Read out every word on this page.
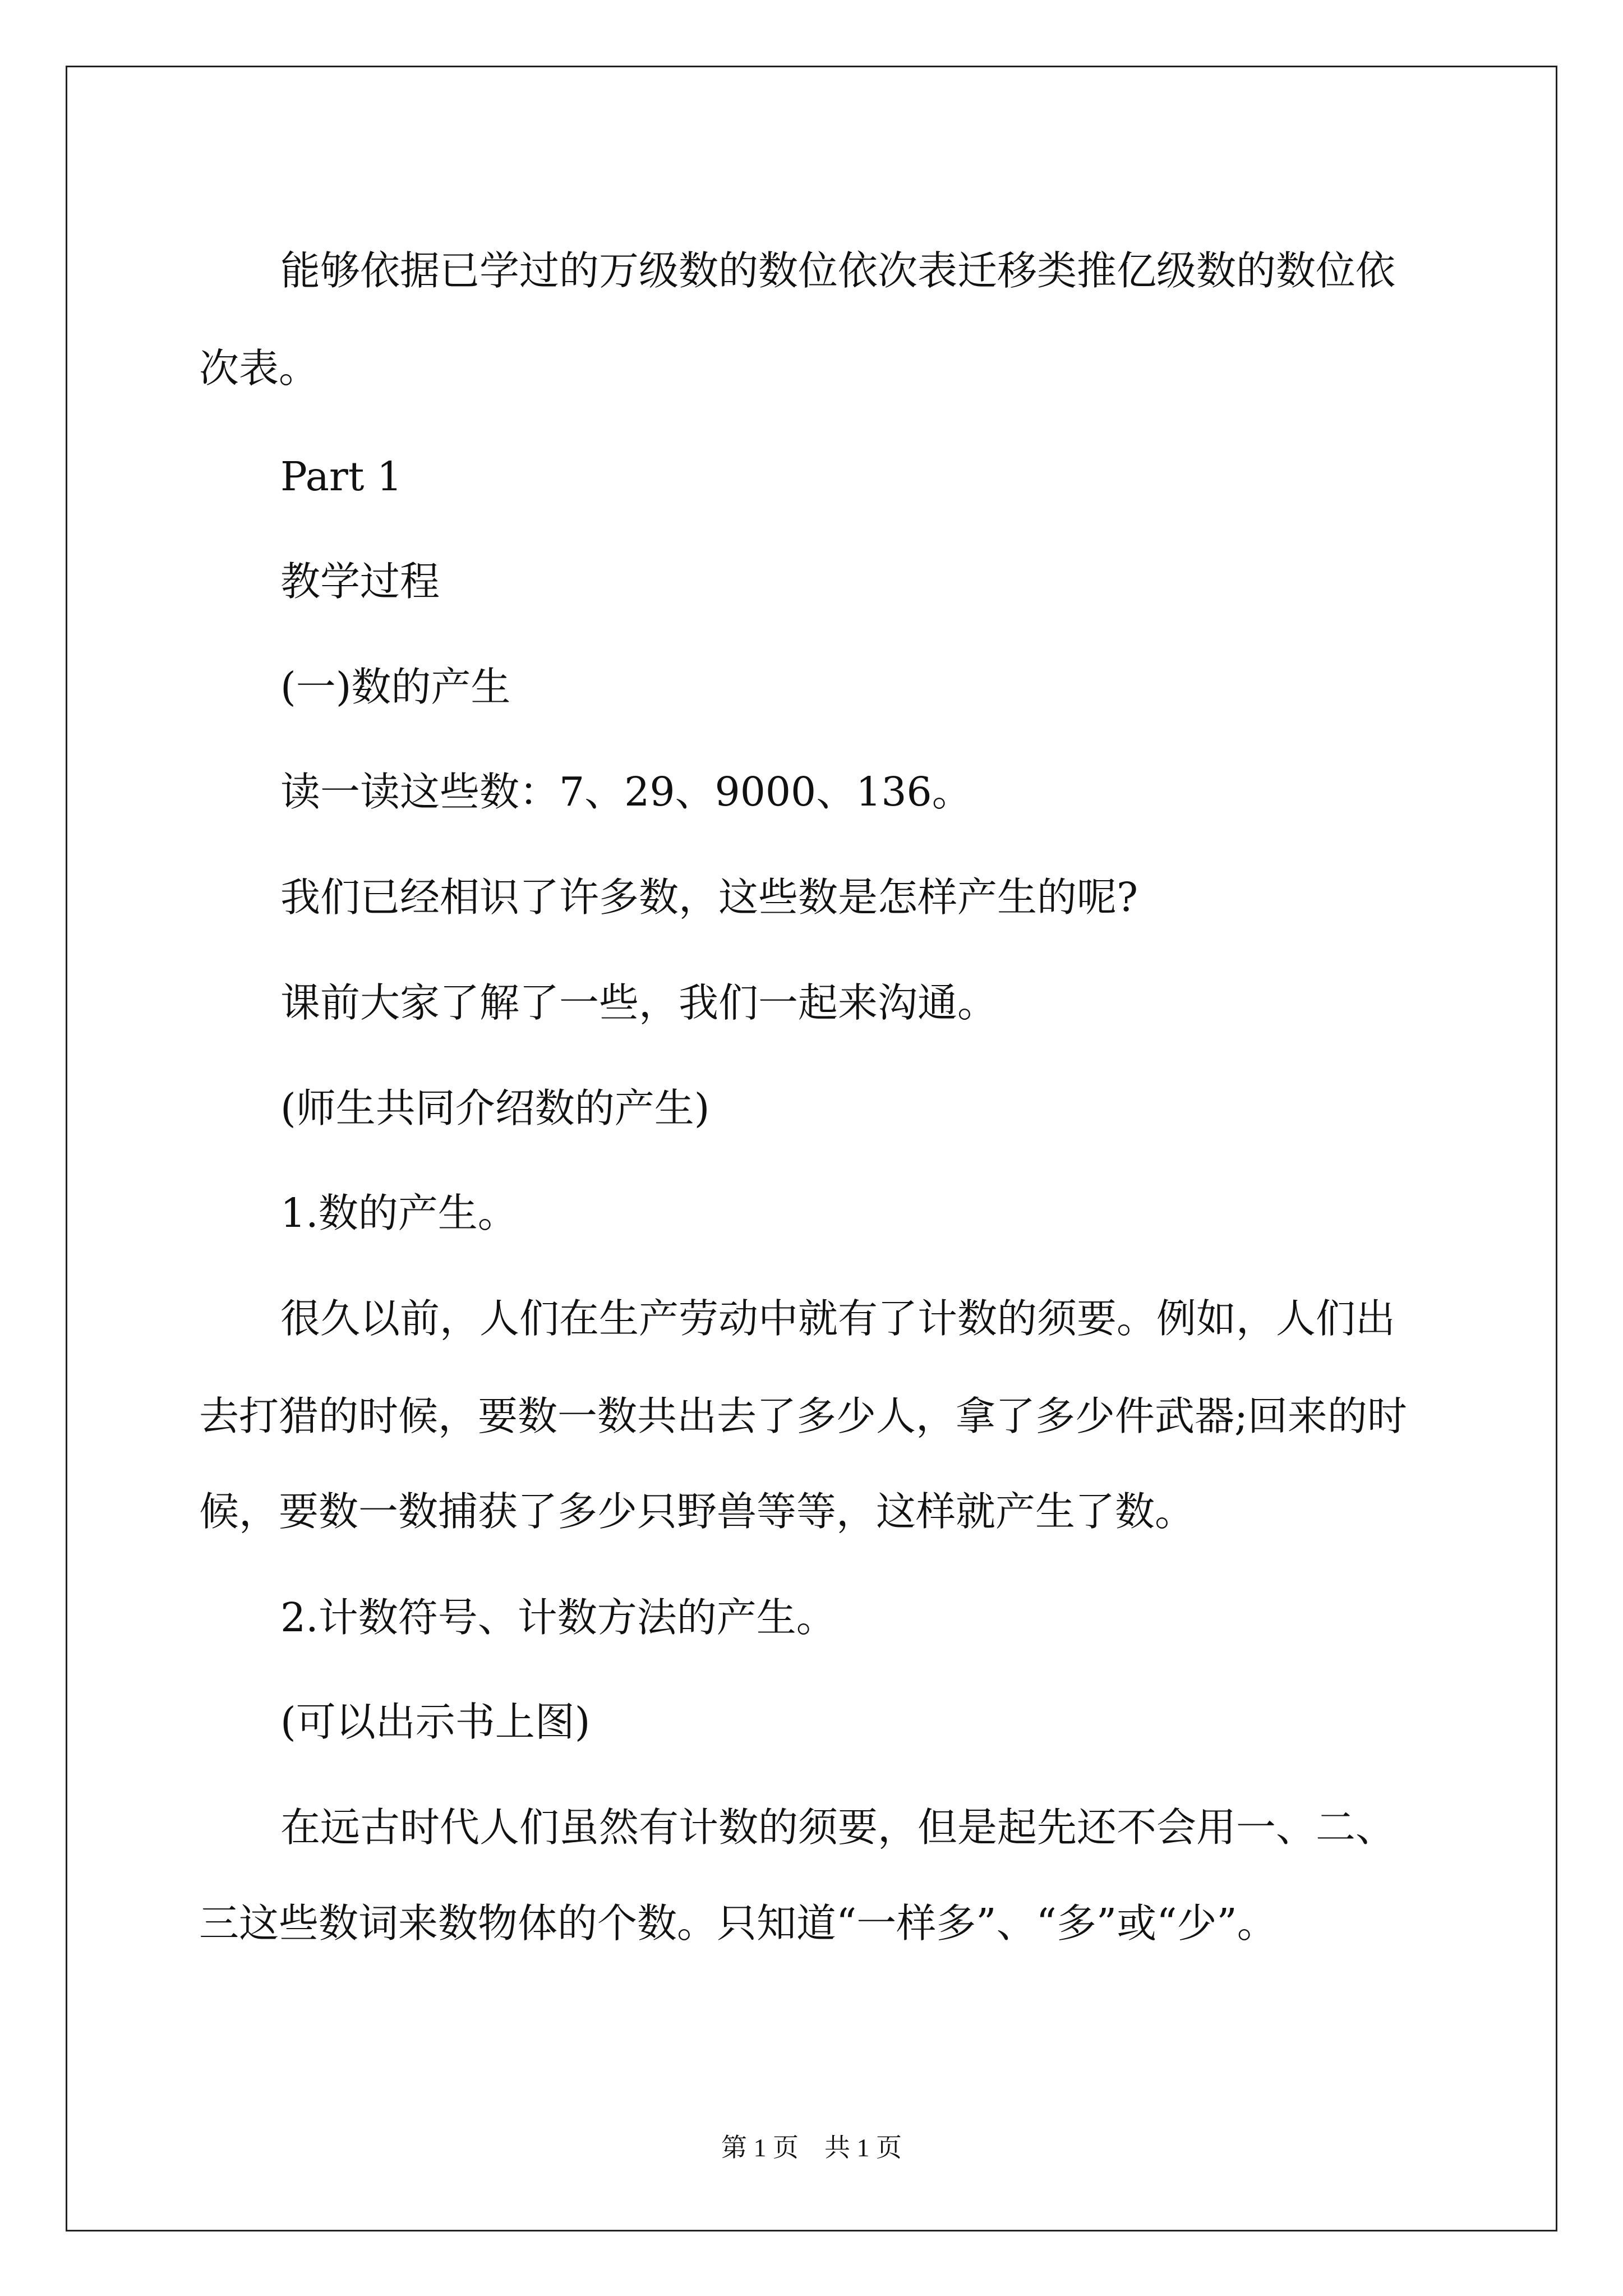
能够依据已学过的万级数的数位依次表迁移类推亿级数的数位依

次表。

Part 1

教学过程

(一)数的产生

读一读这些数：7、29、9000、136。

我们已经相识了许多数，这些数是怎样产生的呢?

课前大家了解了一些，我们一起来沟通。

(师生共同介绍数的产生)

1.数的产生。

很久以前，人们在生产劳动中就有了计数的须要。例如，人们出

去打猎的时候，要数一数共出去了多少人，拿了多少件武器;回来的时

候，要数一数捕获了多少只野兽等等，这样就产生了数。

2.计数符号、计数方法的产生。

(可以出示书上图)

在远古时代人们虽然有计数的须要，但是起先还不会用一、二、

三这些数词来数物体的个数。只知道“一样多”、“多”或“少”。

第 1 页　共 1 页
